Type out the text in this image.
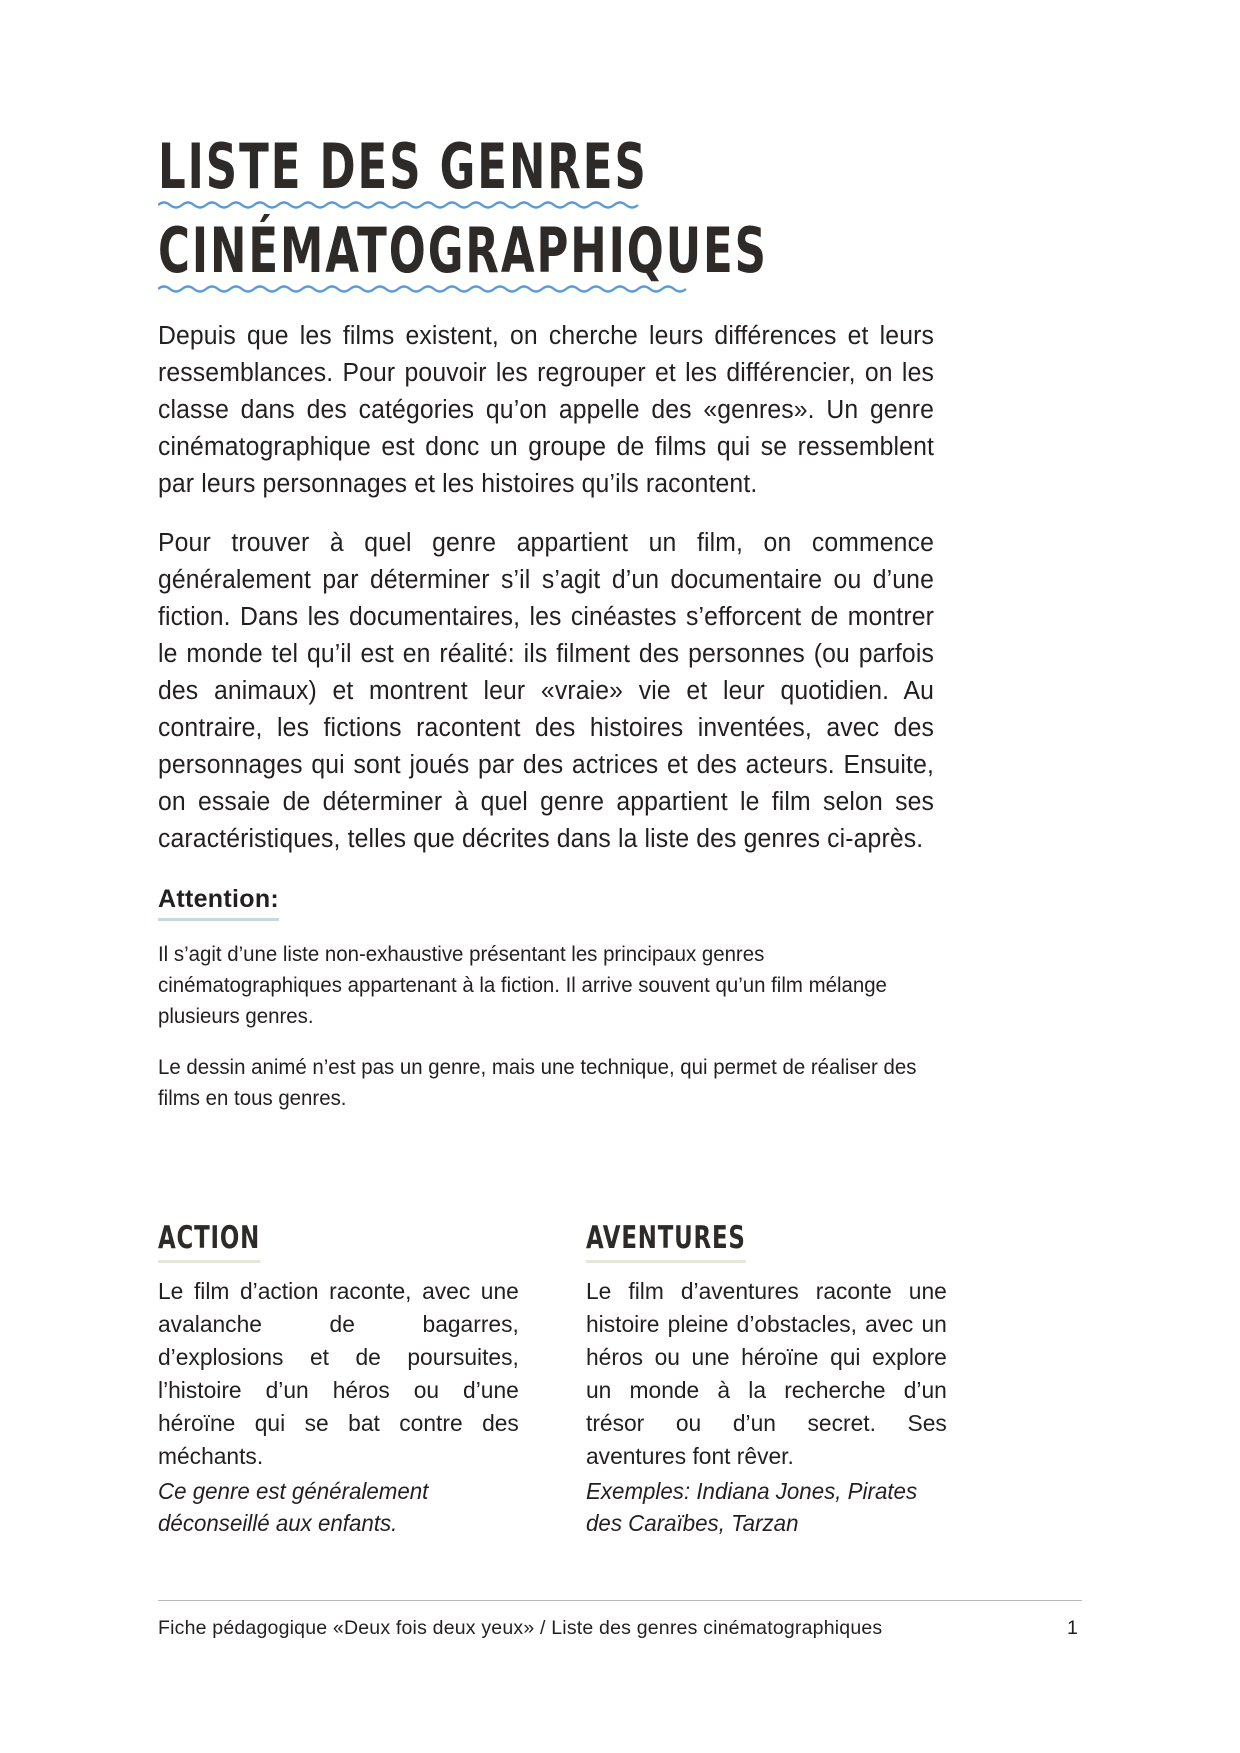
LISTE DES GENRES
CINÉMATOGRAPHIQUES

Depuis que les films existent, on cherche leurs différences et leurs ressemblances. Pour pouvoir les regrouper et les différencier, on les classe dans des catégories qu’on appelle des «genres». Un genre cinématographique est donc un groupe de films qui se ressemblent par leurs personnages et les histoires qu’ils racontent.

Pour trouver à quel genre appartient un film, on commence généralement par déterminer s’il s’agit d’un documentaire ou d’une fiction. Dans les documentaires, les cinéastes s’efforcent de montrer le monde tel qu’il est en réalité: ils filment des personnes (ou parfois des animaux) et montrent leur «vraie» vie et leur quotidien. Au contraire, les fictions racontent des histoires inventées, avec des personnages qui sont joués par des actrices et des acteurs. Ensuite, on essaie de déterminer à quel genre appartient le film selon ses caractéristiques, telles que décrites dans la liste des genres ci-après.

Attention:

Il s’agit d’une liste non-exhaustive présentant les principaux genres cinématographiques appartenant à la fiction. Il arrive souvent qu’un film mélange plusieurs genres.

Le dessin animé n’est pas un genre, mais une technique, qui permet de réaliser des films en tous genres.

ACTION

Le film d’action raconte, avec une avalanche de bagarres, d’explosions et de poursuites, l’histoire d’un héros ou d’une héroïne qui se bat contre des méchants.

Ce genre est généralement déconseillé aux enfants.

AVENTURES

Le film d’aventures raconte une histoire pleine d’obstacles, avec un héros ou une héroïne qui explore un monde à la recherche d’un trésor ou d’un secret. Ses aventures font rêver.

Exemples: Indiana Jones, Pirates des Caraïbes, Tarzan

Fiche pédagogique «Deux fois deux yeux» / Liste des genres cinématographiques	1
